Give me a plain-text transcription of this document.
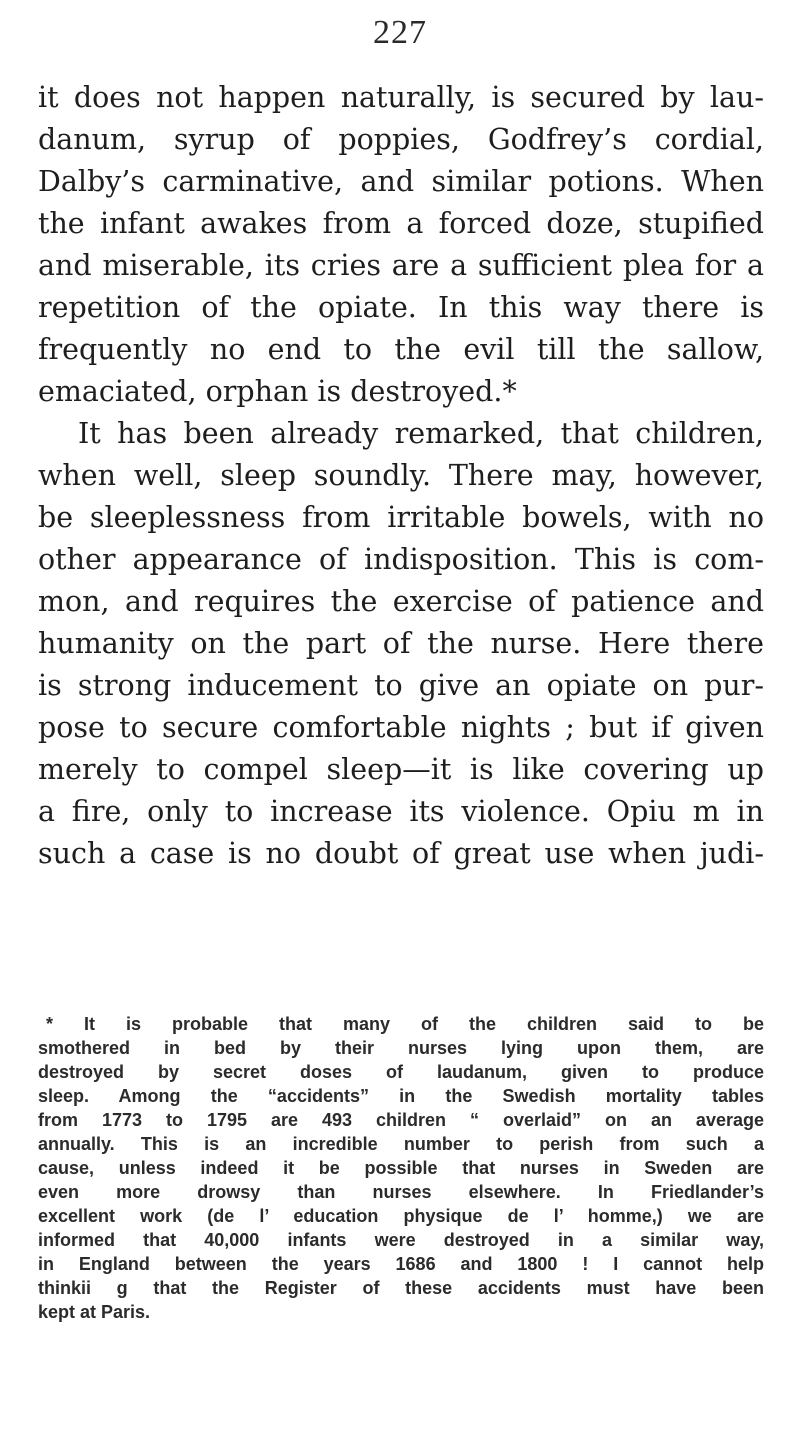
227
it does not happen naturally, is secured by lau-
danum, syrup of poppies, Godfrey’s cordial,
Dalby’s carminative, and similar potions. When
the infant awakes from a forced doze, stupified
and miserable, its cries are a sufficient plea for a
repetition of the opiate. In this way there is
frequently no end to the evil till the sallow,
emaciated, orphan is destroyed.*
It has been already remarked, that children,
when well, sleep soundly. There may, however,
be sleeplessness from irritable bowels, with no
other appearance of indisposition. This is com-
mon, and requires the exercise of patience and
humanity on the part of the nurse. Here there
is strong inducement to give an opiate on pur-
pose to secure comfortable nights ; but if given
merely to compel sleep—it is like covering up
a fire, only to increase its violence. Opiu m in
such a case is no doubt of great use when judi-
* It is probable that many of the children said to be
smothered in bed by their nurses lying upon them, are
destroyed by secret doses of laudanum, given to produce
sleep. Among the “accidents” in the Swedish mortality tables
from 1773 to 1795 are 493 children “ overlaid” on an average
annually. This is an incredible number to perish from such a
cause, unless indeed it be possible that nurses in Sweden are
even more drowsy than nurses elsewhere. In Friedlander’s
excellent work (de l’ education physique de l’ homme,) we are
informed that 40,000 infants were destroyed in a similar way,
in England between the years 1686 and 1800 ! I cannot help
thinkii g that the Register of these accidents must have been
kept at Paris.
